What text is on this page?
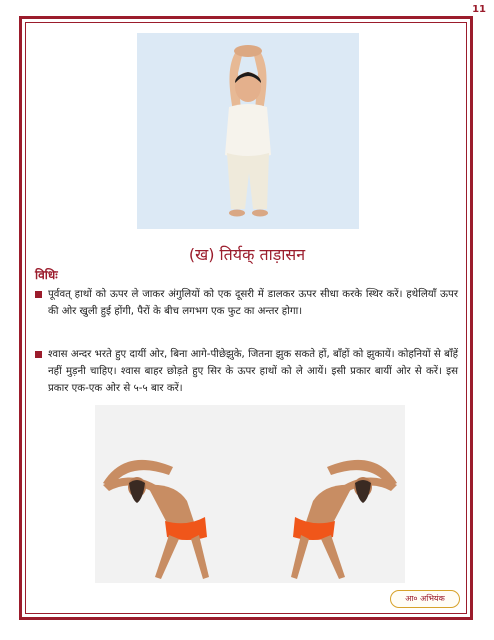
11
(ख) तिर्यक् ताड़ासन
विधिः
पूर्ववत् हाथों को ऊपर ले जाकर अंगुलियों को एक दूसरी में डालकर ऊपर सीधा करके स्थिर करें। हथेलियाँ ऊपर की ओर खुली हुई होंगी, पैरों के बीच लगभग एक फुट का अन्तर होगा।
श्वास अन्दर भरते हुए दायीं ओर, बिना आगे-पीछेझुके, जितना झुक सकते हों, बाँहों को झुकायें। कोहनियों से बाँहें नहीं मुड़नी चाहिए। श्वास बाहर छोड़ते हुए सिर के ऊपर हाथों को ले आयें। इसी प्रकार बायीं ओर से करें। इस प्रकार एक-एक ओर से ५-५ बार करें।
आ० अभियंक
